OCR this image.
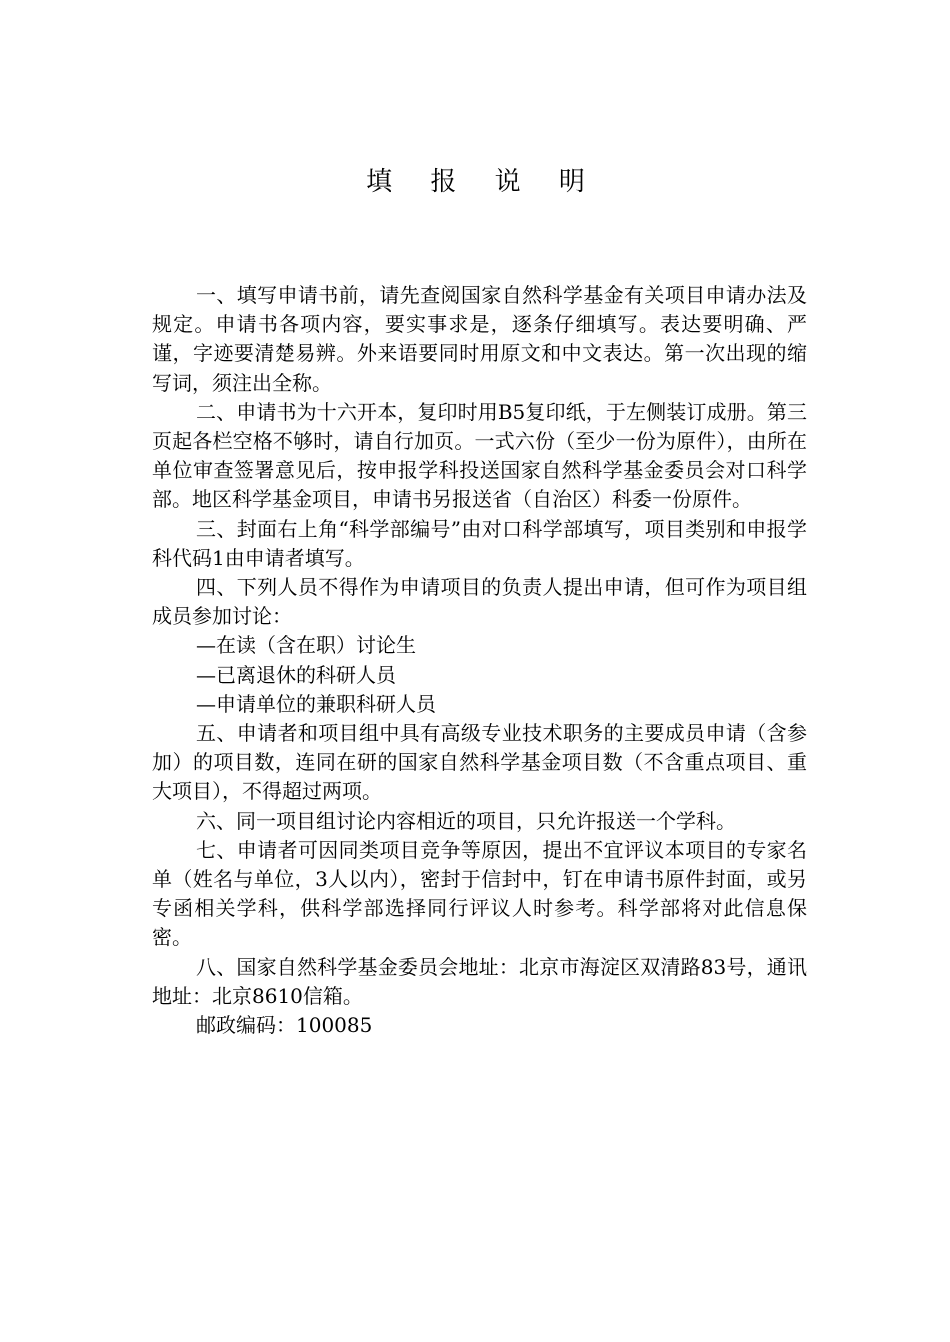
填 报 说 明

一、填写申请书前，请先查阅国家自然科学基金有关项目申请办法及规定。申请书各项内容，要实事求是，逐条仔细填写。表达要明确、严谨，字迹要清楚易辨。外来语要同时用原文和中文表达。第一次出现的缩写词，须注出全称。

二、申请书为十六开本，复印时用B5复印纸，于左侧装订成册。第三页起各栏空格不够时，请自行加页。一式六份（至少一份为原件），由所在单位审查签署意见后，按申报学科投送国家自然科学基金委员会对口科学部。地区科学基金项目，申请书另报送省（自治区）科委一份原件。

三、封面右上角“科学部编号”由对口科学部填写，项目类别和申报学科代码1由申请者填写。

四、下列人员不得作为申请项目的负责人提出申请，但可作为项目组成员参加讨论：

—在读（含在职）讨论生

—已离退休的科研人员

—申请单位的兼职科研人员

五、申请者和项目组中具有高级专业技术职务的主要成员申请（含参加）的项目数，连同在研的国家自然科学基金项目数（不含重点项目、重大项目），不得超过两项。

六、同一项目组讨论内容相近的项目，只允许报送一个学科。

七、申请者可因同类项目竞争等原因，提出不宜评议本项目的专家名单（姓名与单位，3人以内），密封于信封中，钉在申请书原件封面，或另专函相关学科，供科学部选择同行评议人时参考。科学部将对此信息保密。

八、国家自然科学基金委员会地址：北京市海淀区双清路83号，通讯地址：北京8610信箱。

邮政编码：100085
